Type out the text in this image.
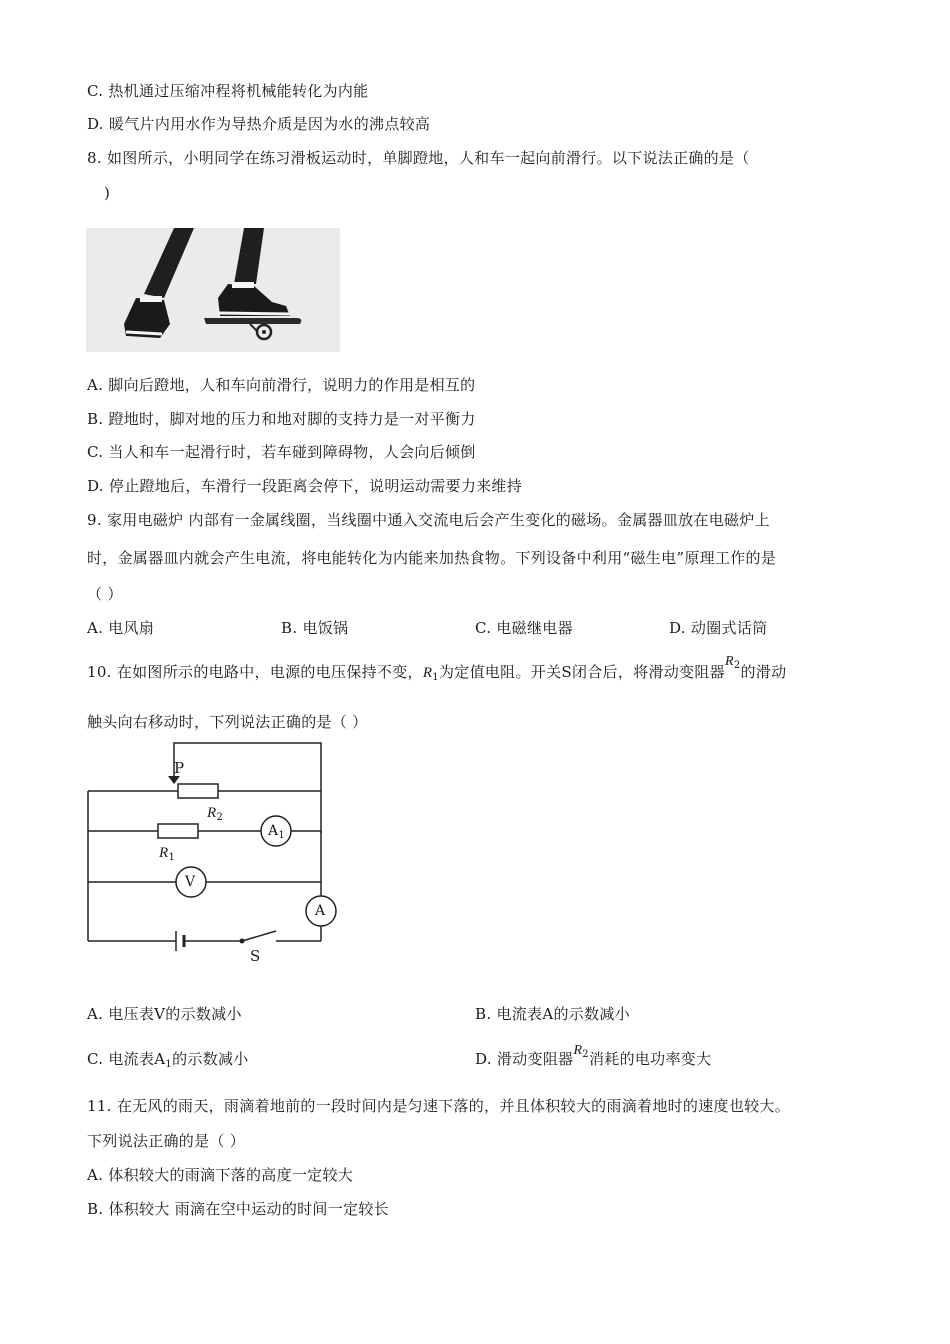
C. 热机通过压缩冲程将机械能转化为内能
D. 暖气片内用水作为导热介质是因为水的沸点较高
8. 如图所示，小明同学在练习滑板运动时，单脚蹬地，人和车一起向前滑行。以下说法正确的是（
)
A. 脚向后蹬地，人和车向前滑行，说明力的作用是相互的
B. 蹬地时，脚对地的压力和地对脚的支持力是一对平衡力
C. 当人和车一起滑行时，若车碰到障碍物，人会向后倾倒
D. 停止蹬地后，车滑行一段距离会停下，说明运动需要力来维持
9. 家用电磁炉 内部有一金属线圈，当线圈中通入交流电后会产生变化的磁场。金属器皿放在电磁炉上
时，金属器皿内就会产生电流，将电能转化为内能来加热食物。下列设备中利用“磁生电”原理工作的是
（ ）
A. 电风扇	B. 电饭锅	C. 电磁继电器	D. 动圈式话筒
10. 在如图所示的电路中，电源的电压保持不变，$R_1$为定值电阻。开关S闭合后，将滑动变阻器$R_2$的滑动
触头向右移动时，下列说法正确的是（ ）
P
$R_2$
$R_1$
$A_1$
V
A
S
A. 电压表V的示数减小	B. 电流表A的示数减小
C. 电流表$A_1$的示数减小	D. 滑动变阻器$R_2$消耗的电功率变大
11. 在无风的雨天，雨滴着地前的一段时间内是匀速下落的，并且体积较大的雨滴着地时的速度也较大。
下列说法正确的是（ ）
A. 体积较大的雨滴下落的高度一定较大
B. 体积较大 雨滴在空中运动的时间一定较长
